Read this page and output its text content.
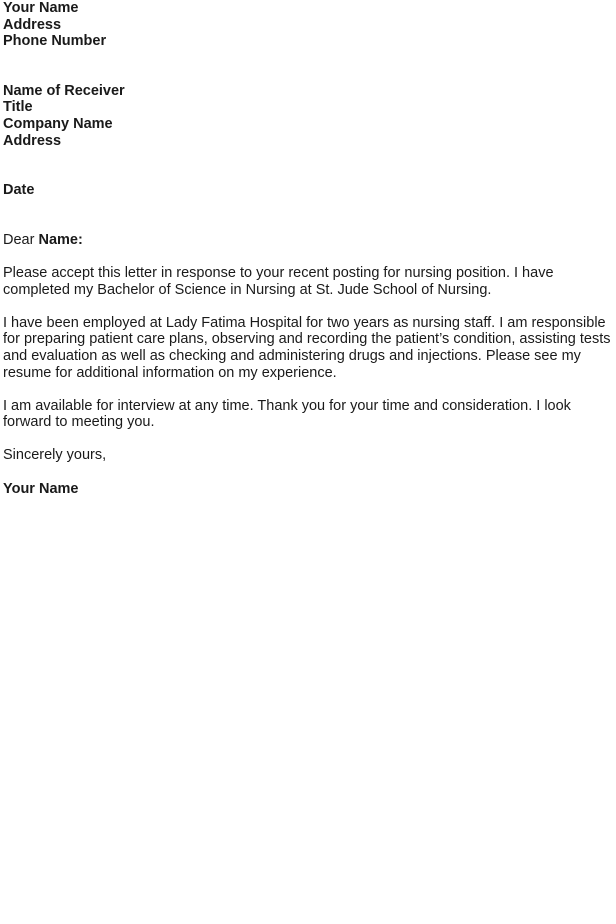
Your Name
Address
Phone Number
Name of Receiver
Title
Company Name
Address
Date
Dear Name:
Please accept this letter in response to your recent posting for nursing position. I have
completed my Bachelor of Science in Nursing at St. Jude School of Nursing.
I have been employed at Lady Fatima Hospital for two years as nursing staff. I am responsible
for preparing patient care plans, observing and recording the patient’s condition, assisting tests
and evaluation as well as checking and administering drugs and injections. Please see my
resume for additional information on my experience.
I am available for interview at any time. Thank you for your time and consideration. I look
forward to meeting you.
Sincerely yours,
Your Name
